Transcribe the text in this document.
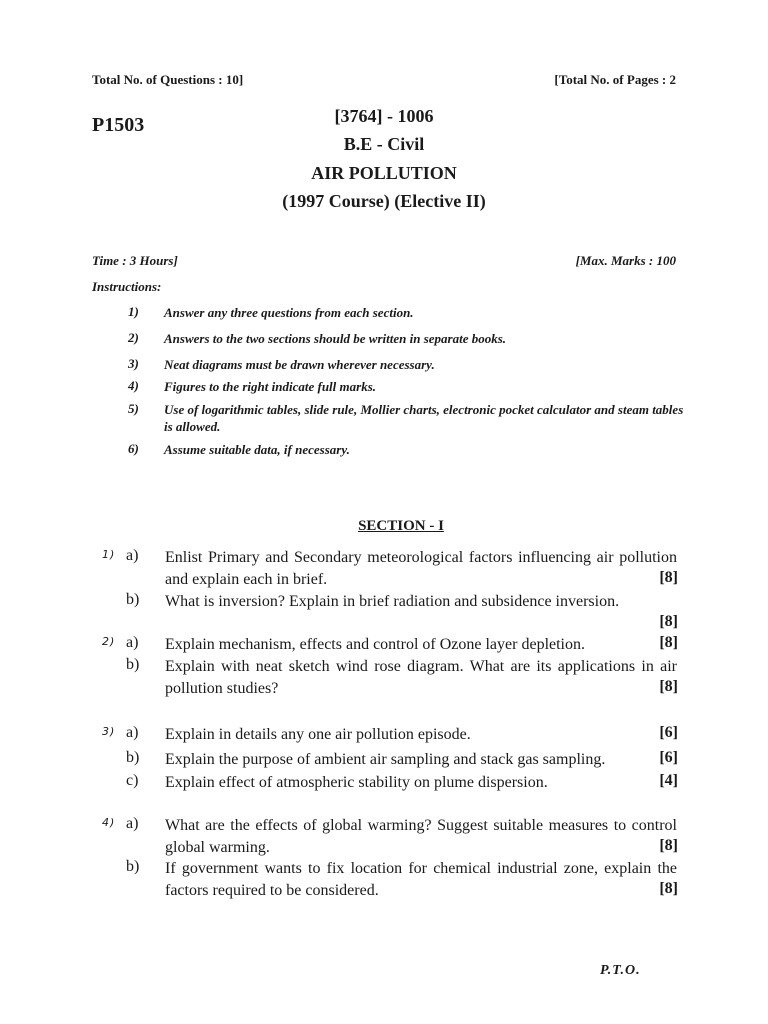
Total No. of Questions : 10]	[Total No. of Pages : 2
P1503	[3764] - 1006
B.E - Civil
AIR POLLUTION
(1997 Course) (Elective II)
Time : 3 Hours]	[Max. Marks : 100
Instructions:
1) Answer any three questions from each section.
2) Answers to the two sections should be written in separate books.
3) Neat diagrams must be drawn wherever necessary.
4) Figures to the right indicate full marks.
5) Use of logarithmic tables, slide rule, Mollier charts, electronic pocket calculator and steam tables is allowed.
6) Assume suitable data, if necessary.
SECTION - I
1) a) Enlist Primary and Secondary meteorological factors influencing air pollution and explain each in brief.	[8]
b) What is inversion? Explain in brief radiation and subsidence inversion.
[8]
2) a) Explain mechanism, effects and control of Ozone layer depletion.	[8]
b) Explain with neat sketch wind rose diagram. What are its applications in air pollution studies?	[8]
3) a) Explain in details any one air pollution episode.	[6]
b) Explain the purpose of ambient air sampling and stack gas sampling.	[6]
c) Explain effect of atmospheric stability on plume dispersion.	[4]
4) a) What are the effects of global warming? Suggest suitable measures to control global warming.	[8]
b) If government wants to fix location for chemical industrial zone, explain the factors required to be considered.	[8]
P.T.O.
